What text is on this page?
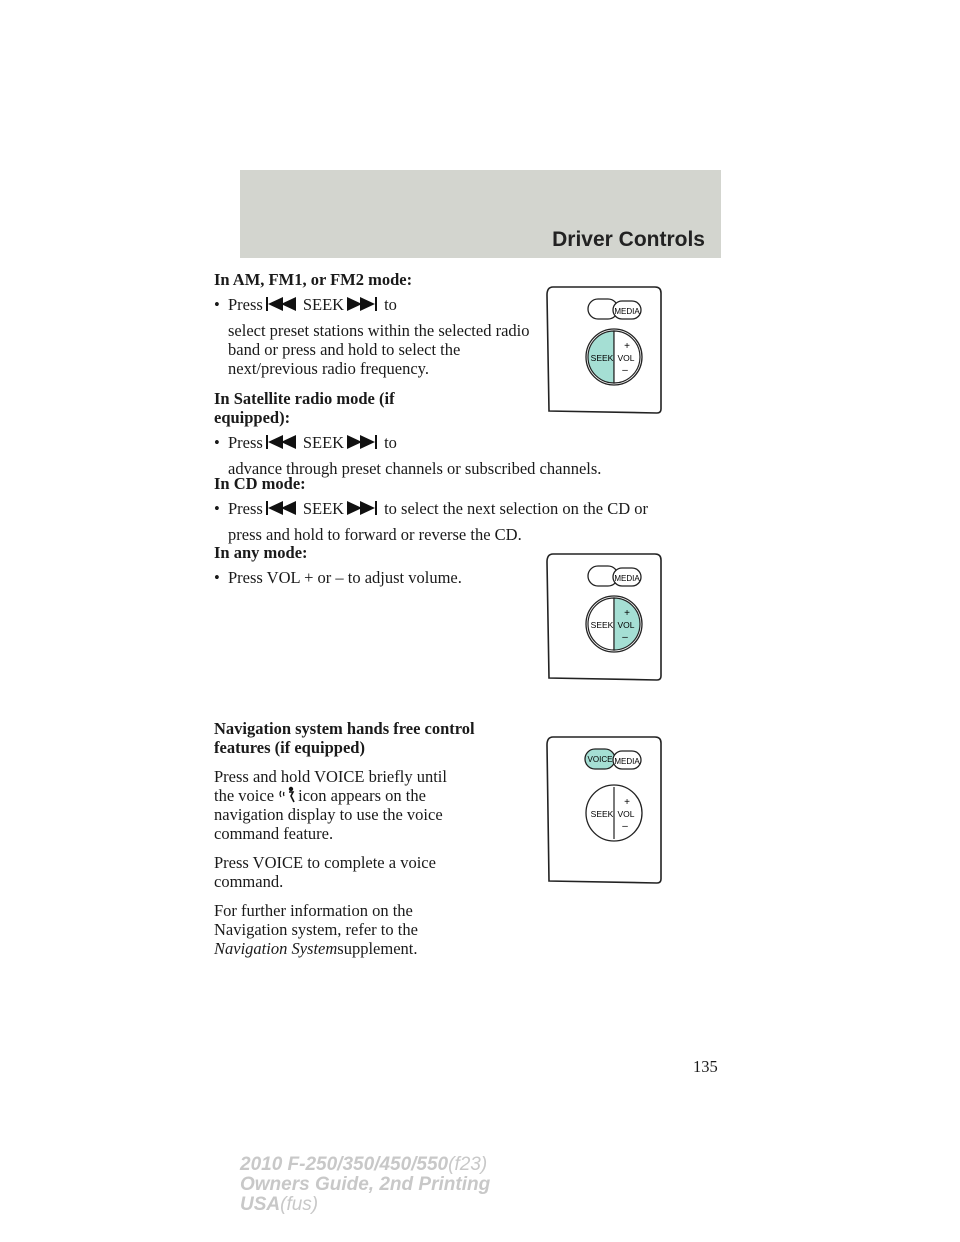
Driver Controls

In AM, FM1, or FM2 mode:

• Press SEEK to

select preset stations within the selected radio band or press and hold to select the next/previous radio frequency.

In Satellite radio mode (if equipped):

• Press SEEK to

advance through preset channels or subscribed channels.

In CD mode:

• Press SEEK to select the next selection on the CD or

press and hold to forward or reverse the CD.

In any mode:

• Press VOL + or – to adjust volume.

Navigation system hands free control features (if equipped)

Press and hold VOICE briefly until

the voice icon appears on the

navigation display to use the voice command feature.

Press VOICE to complete a voice command.

For further information on the Navigation system, refer to the Navigation Systemsupplement.

MEDIA
SEEK VOL
+
–
MEDIA
SEEK VOL
+
–
VOICE MEDIA
SEEK VOL
+
–
135
2010 F-250/350/450/550(f23)
Owners Guide, 2nd Printing
USA(fus)
